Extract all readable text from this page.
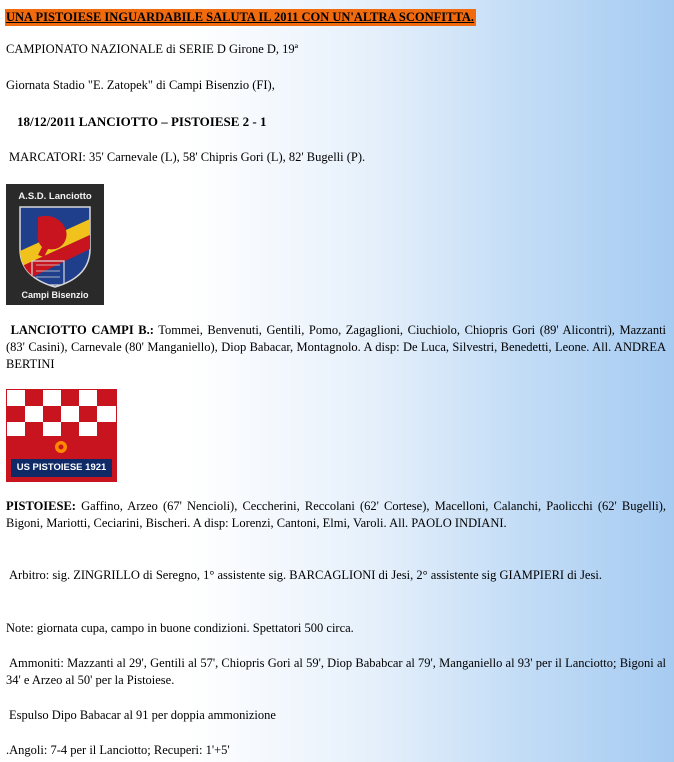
UNA PISTOIESE INGUARDABILE SALUTA IL 2011 CON UN'ALTRA SCONFITTA.
CAMPIONATO NAZIONALE di SERIE D Girone D, 19ª
Giornata Stadio "E. Zatopek" di Campi Bisenzio (FI),
18/12/2011 LANCIOTTO – PISTOIESE 2 - 1
MARCATORI: 35' Carnevale (L), 58' Chipris Gori (L), 82' Bugelli (P).
A.S.D. Lanciotto
Campi Bisenzio
LANCIOTTO CAMPI B.: Tommei, Benvenuti, Gentili, Pomo, Zagaglioni, Ciuchiolo, Chiopris Gori (89' Alicontri), Mazzanti (83' Casini), Carnevale (80' Manganiello), Diop Babacar, Montagnolo. A disp: De Luca, Silvestri, Benedetti, Leone. All. ANDREA BERTINI
US PISTOIESE 1921
PISTOIESE: Gaffino, Arzeo (67' Nencioli), Ceccherini, Reccolani (62' Cortese), Macelloni, Calanchi, Paolicchi (62' Bugelli), Bigoni, Mariotti, Ceciarini, Bischeri. A disp: Lorenzi, Cantoni, Elmi, Varoli. All. PAOLO INDIANI.
Arbitro: sig. ZINGRILLO di Seregno, 1° assistente sig. BARCAGLIONI di Jesi, 2° assistente sig GIAMPIERI di Jesi.
Note: giornata cupa, campo in buone condizioni. Spettatori 500 circa.
Ammoniti: Mazzanti al 29', Gentili al 57', Chiopris Gori al 59', Diop Bababcar al 79', Manganiello al 93' per il Lanciotto; Bigoni al 34' e Arzeo al 50' per la Pistoiese.
Espulso Dipo Babacar al 91 per doppia ammonizione
.Angoli: 7-4 per il Lanciotto; Recuperi: 1'+5'
